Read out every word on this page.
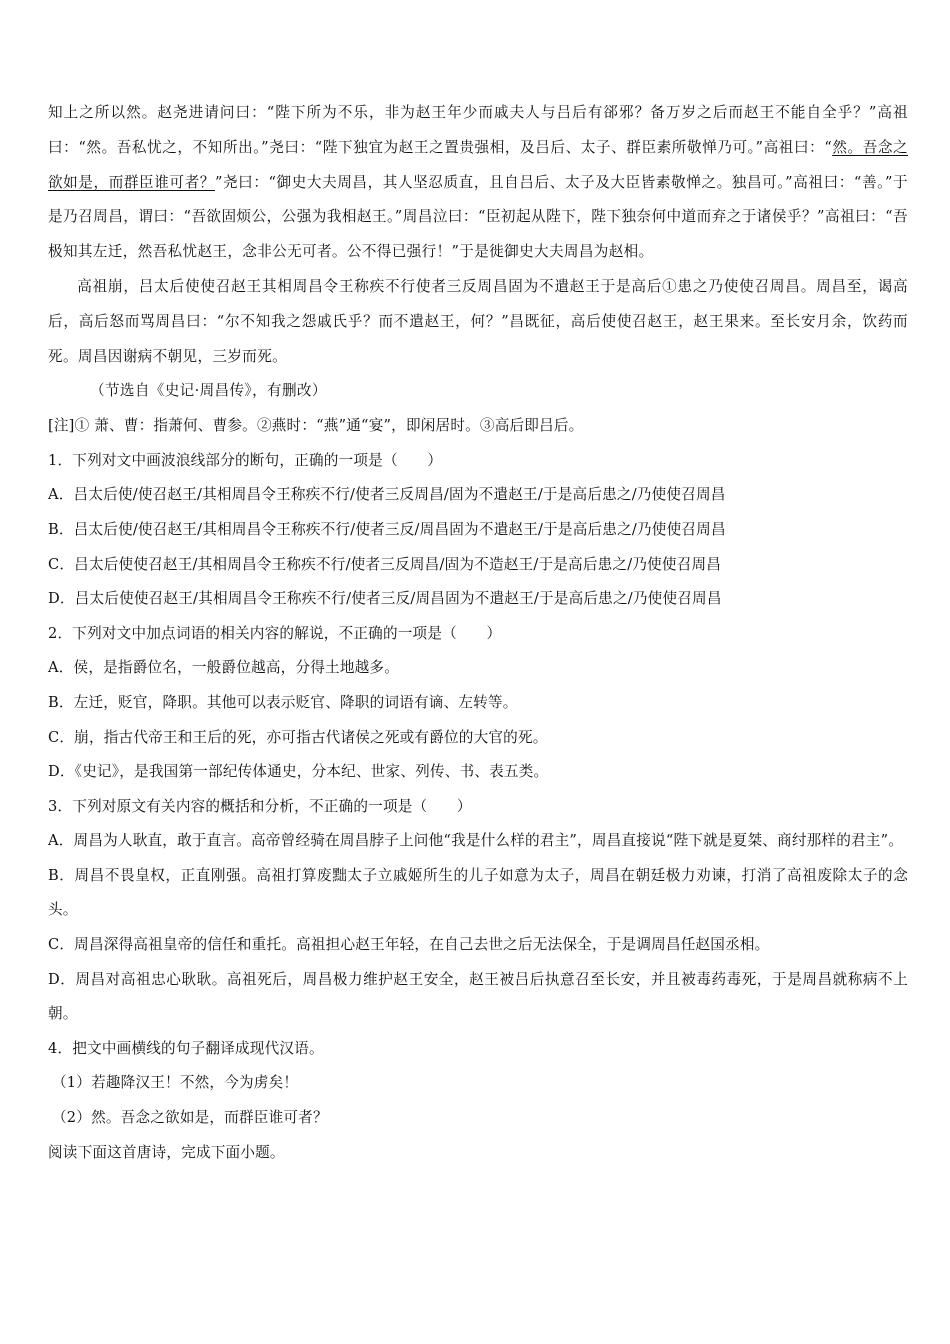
知上之所以然。赵尧进请问曰：“陛下所为不乐，非为赵王年少而戚夫人与吕后有郤邪？备万岁之后而赵王不能自全乎？”高祖曰：“然。吾私忧之，不知所出。”尧曰：“陛下独宜为赵王之置贵强相，及吕后、太子、群臣素所敬惮乃可。”高祖曰：“然。吾念之欲如是，而群臣谁可者？”尧曰：“御史大夫周昌，其人坚忍质直，且自吕后、太子及大臣皆素敬惮之。独昌可。”高祖曰：“善。”于是乃召周昌，谓曰：“吾欲固烦公，公强为我相赵王。”周昌泣曰：“臣初起从陛下，陛下独奈何中道而弃之于诸侯乎？”高祖曰：“吾极知其左迁，然吾私忧赵王，念非公无可者。公不得已强行！”于是徙御史大夫周昌为赵相。

高祖崩，吕太后使使召赵王其相周昌令王称疾不行使者三反周昌固为不遣赵王于是高后①患之乃使使召周昌。周昌至，谒高后，高后怒而骂周昌曰：“尔不知我之怨戚氏乎？而不遣赵王，何？”昌既征，高后使使召赵王，赵王果来。至长安月余，饮药而死。周昌因谢病不朝见，三岁而死。

（节选自《史记·周昌传》，有删改）

[注]① 萧、曹：指萧何、曹参。②燕时：“燕”通“宴”，即闲居时。③高后即吕后。

1．下列对文中画波浪线部分的断句，正确的一项是（　　）

A．吕太后使/使召赵王/其相周昌令王称疾不行/使者三反周昌/固为不遣赵王/于是高后患之/乃使使召周昌

B．吕太后使/使召赵王/其相周昌令王称疾不行/使者三反/周昌固为不遣赵王/于是高后患之/乃使使召周昌

C．吕太后使使召赵王/其相周昌令王称疾不行/使者三反周昌/固为不造赵王/于是高后患之/乃使使召周昌

D．吕太后使使召赵王/其相周昌令王称疾不行/使者三反/周昌固为不遣赵王/于是高后患之/乃使使召周昌

2．下列对文中加点词语的相关内容的解说，不正确的一项是（　　）

A．侯，是指爵位名，一般爵位越高，分得土地越多。

B．左迁，贬官，降职。其他可以表示贬官、降职的词语有谪、左转等。

C．崩，指古代帝王和王后的死，亦可指古代诸侯之死或有爵位的大官的死。

D．《史记》，是我国第一部纪传体通史，分本纪、世家、列传、书、表五类。

3．下列对原文有关内容的概括和分析，不正确的一项是（　　）

A．周昌为人耿直，敢于直言。高帝曾经骑在周昌脖子上问他“我是什么样的君主”，周昌直接说“陛下就是夏桀、商纣那样的君主”。

B．周昌不畏皇权，正直刚强。高祖打算废黜太子立戚姬所生的儿子如意为太子，周昌在朝廷极力劝谏，打消了高祖废除太子的念头。

C．周昌深得高祖皇帝的信任和重托。高祖担心赵王年轻，在自己去世之后无法保全，于是调周昌任赵国丞相。

D．周昌对高祖忠心耿耿。高祖死后，周昌极力维护赵王安全，赵王被吕后执意召至长安，并且被毒药毒死，于是周昌就称病不上朝。

4．把文中画横线的句子翻译成现代汉语。

（1）若趣降汉王！不然，今为虏矣！

（2）然。吾念之欲如是，而群臣谁可者？

阅读下面这首唐诗，完成下面小题。
